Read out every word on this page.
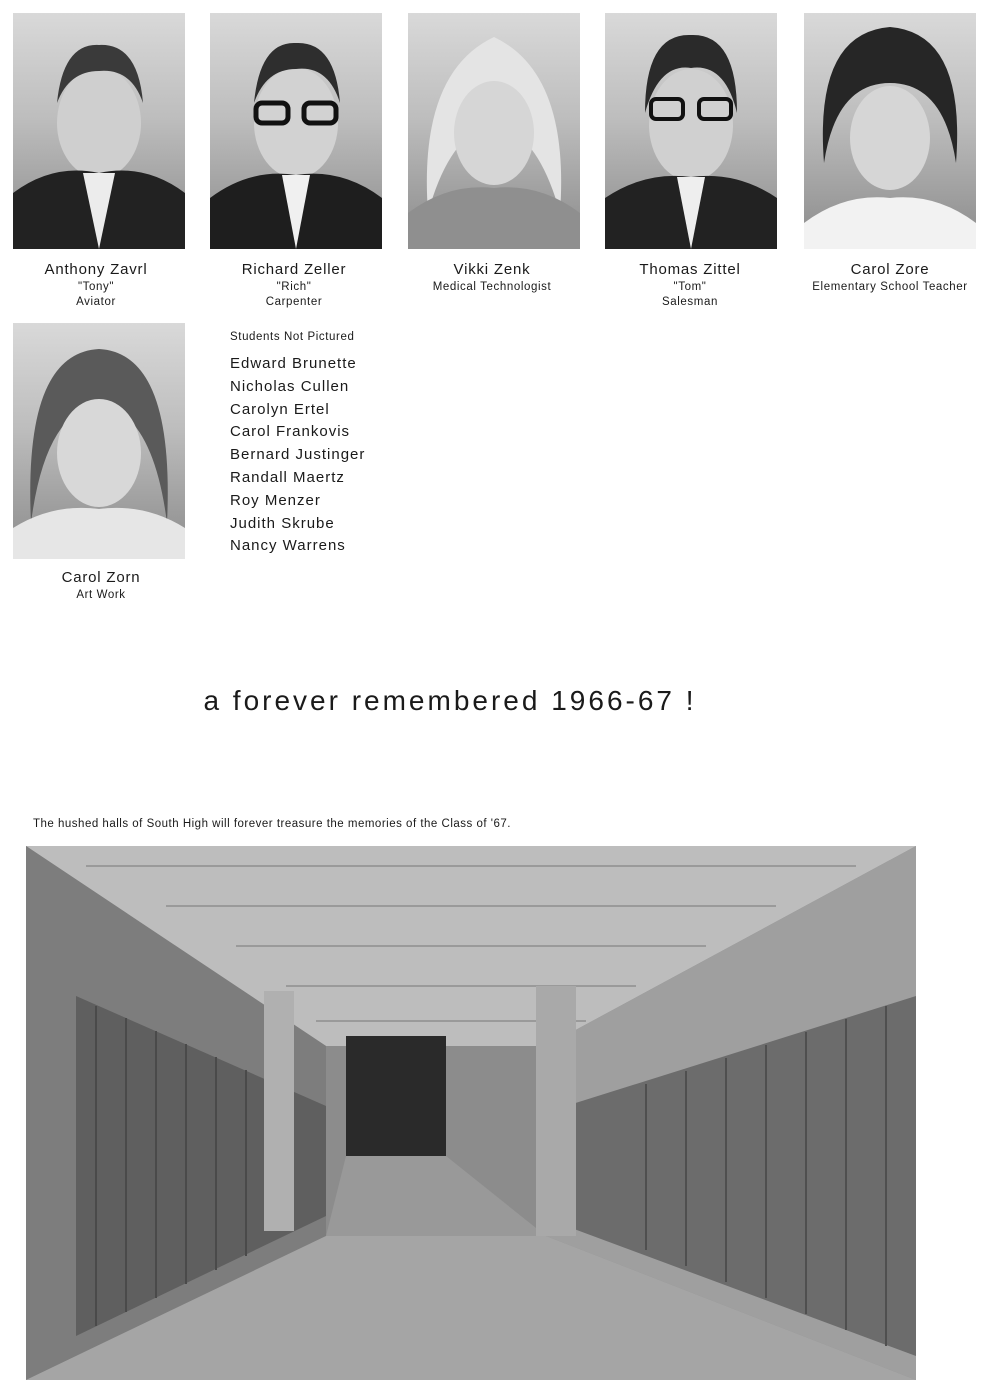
Anthony Zavrl
"Tony"
Aviator
Richard Zeller
"Rich"
Carpenter
Vikki Zenk
Medical Technologist
Thomas Zittel
"Tom"
Salesman
Carol Zore
Elementary School Teacher
Carol Zorn
Art Work
Students Not Pictured
Edward Brunette
Nicholas Cullen
Carolyn Ertel
Carol Frankovis
Bernard Justinger
Randall Maertz
Roy Menzer
Judith Skrube
Nancy Warrens
a forever remembered 1966-67 !
The hushed halls of South High will forever treasure the memories of the Class of '67.
